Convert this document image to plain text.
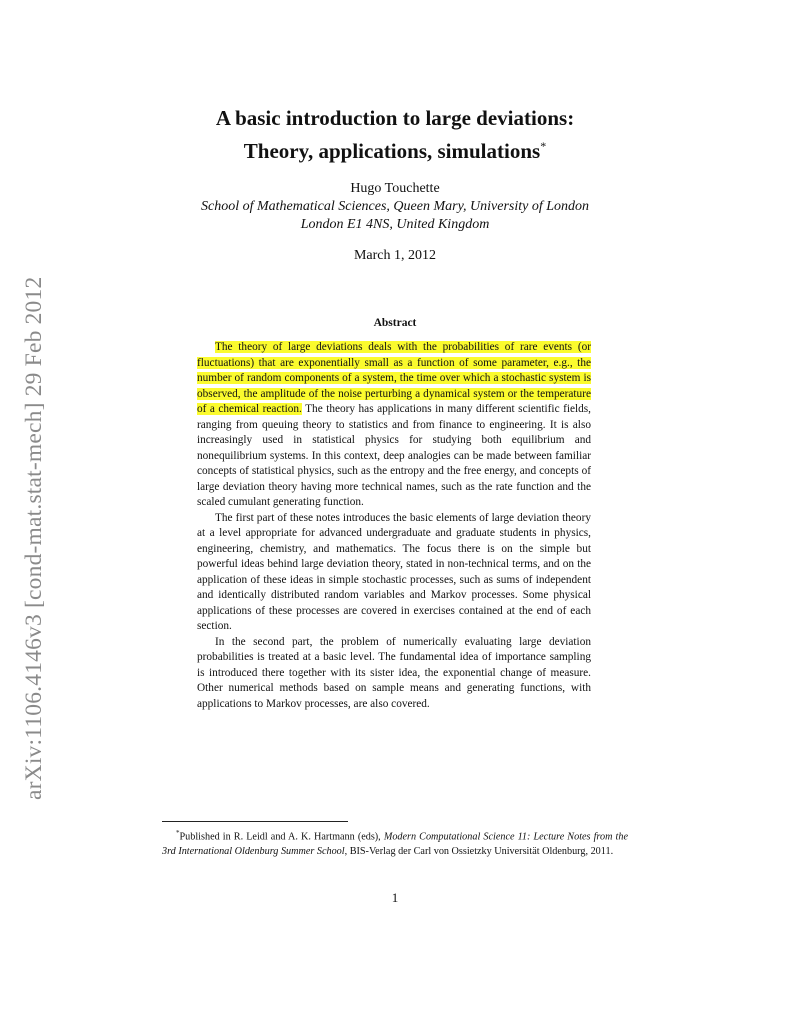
arXiv:1106.4146v3 [cond-mat.stat-mech] 29 Feb 2012
A basic introduction to large deviations:
Theory, applications, simulations*
Hugo Touchette
School of Mathematical Sciences, Queen Mary, University of London
London E1 4NS, United Kingdom
March 1, 2012
Abstract

The theory of large deviations deals with the probabilities of rare events (or fluctuations) that are exponentially small as a function of some parameter, e.g., the number of random components of a system, the time over which a stochastic system is observed, the amplitude of the noise perturbing a dynamical system or the temperature of a chemical reaction. The theory has applications in many different scientific fields, ranging from queuing theory to statistics and from finance to engineering. It is also increasingly used in statistical physics for studying both equilibrium and nonequilibrium systems. In this context, deep analogies can be made between familiar concepts of statistical physics, such as the entropy and the free energy, and concepts of large deviation theory having more technical names, such as the rate function and the scaled cumulant generating function.

The first part of these notes introduces the basic elements of large deviation theory at a level appropriate for advanced undergraduate and graduate students in physics, engineering, chemistry, and mathematics. The focus there is on the simple but powerful ideas behind large deviation theory, stated in non-technical terms, and on the application of these ideas in simple stochastic processes, such as sums of independent and identically distributed random variables and Markov processes. Some physical applications of these processes are covered in exercises contained at the end of each section.

In the second part, the problem of numerically evaluating large deviation probabilities is treated at a basic level. The fundamental idea of importance sampling is introduced there together with its sister idea, the exponential change of measure. Other numerical methods based on sample means and generating functions, with applications to Markov processes, are also covered.

*Published in R. Leidl and A. K. Hartmann (eds), Modern Computational Science 11: Lecture Notes from the 3rd International Oldenburg Summer School, BIS-Verlag der Carl von Ossietzky Universität Oldenburg, 2011.
1
